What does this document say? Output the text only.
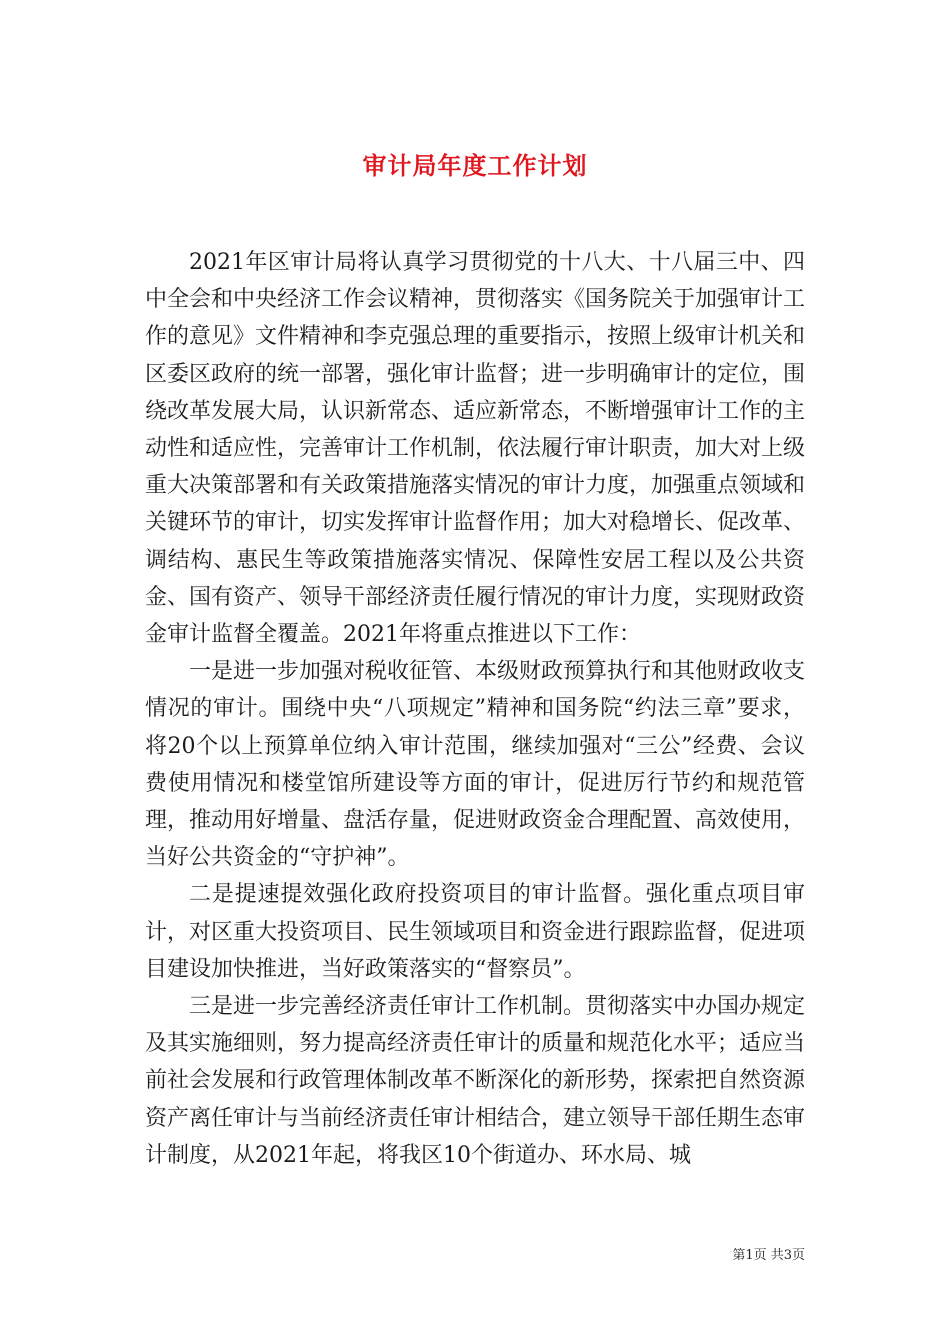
审计局年度工作计划

2021年区审计局将认真学习贯彻党的十八大、十八届三中、四中全会和中央经济工作会议精神，贯彻落实《国务院关于加强审计工作的意见》文件精神和李克强总理的重要指示，按照上级审计机关和区委区政府的统一部署，强化审计监督；进一步明确审计的定位，围绕改革发展大局，认识新常态、适应新常态，不断增强审计工作的主动性和适应性，完善审计工作机制，依法履行审计职责，加大对上级重大决策部署和有关政策措施落实情况的审计力度，加强重点领域和关键环节的审计，切实发挥审计监督作用；加大对稳增长、促改革、调结构、惠民生等政策措施落实情况、保障性安居工程以及公共资金、国有资产、领导干部经济责任履行情况的审计力度，实现财政资金审计监督全覆盖。2021年将重点推进以下工作：

一是进一步加强对税收征管、本级财政预算执行和其他财政收支情况的审计。围绕中央“八项规定”精神和国务院“约法三章”要求，将20个以上预算单位纳入审计范围，继续加强对“三公”经费、会议费使用情况和楼堂馆所建设等方面的审计，促进厉行节约和规范管理，推动用好增量、盘活存量，促进财政资金合理配置、高效使用，当好公共资金的“守护神”。

二是提速提效强化政府投资项目的审计监督。强化重点项目审计，对区重大投资项目、民生领域项目和资金进行跟踪监督，促进项目建设加快推进，当好政策落实的“督察员”。

三是进一步完善经济责任审计工作机制。贯彻落实中办国办规定及其实施细则，努力提高经济责任审计的质量和规范化水平；适应当前社会发展和行政管理体制改革不断深化的新形势，探索把自然资源资产离任审计与当前经济责任审计相结合，建立领导干部任期生态审计制度，从2021年起，将我区10个街道办、环水局、城

第1页 共3页
